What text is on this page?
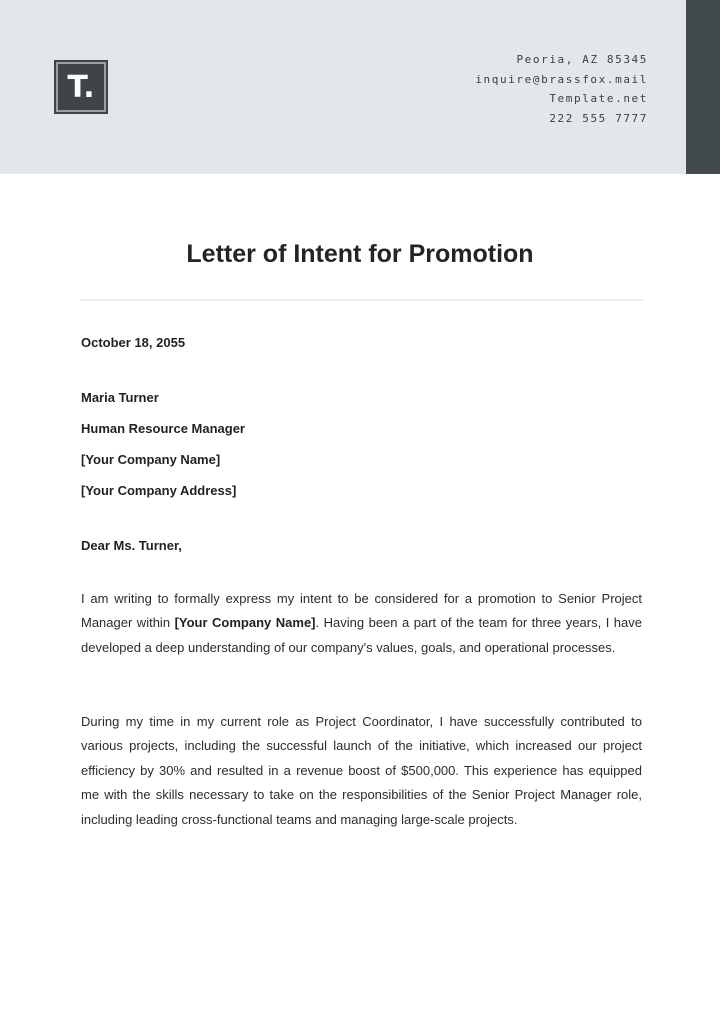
T.
Peoria, AZ 85345
inquire@brassfox.mail
Template.net
222 555 7777
Letter of Intent for Promotion
October 18, 2055
Maria Turner
Human Resource Manager
[Your Company Name]
[Your Company Address]
Dear Ms. Turner,

I am writing to formally express my intent to be considered for a promotion to Senior Project Manager within [Your Company Name]. Having been a part of the team for three years, I have developed a deep understanding of our company's values, goals, and operational processes.

During my time in my current role as Project Coordinator, I have successfully contributed to various projects, including the successful launch of the initiative, which increased our project efficiency by 30% and resulted in a revenue boost of $500,000. This experience has equipped me with the skills necessary to take on the responsibilities of the Senior Project Manager role, including leading cross-functional teams and managing large-scale projects.
